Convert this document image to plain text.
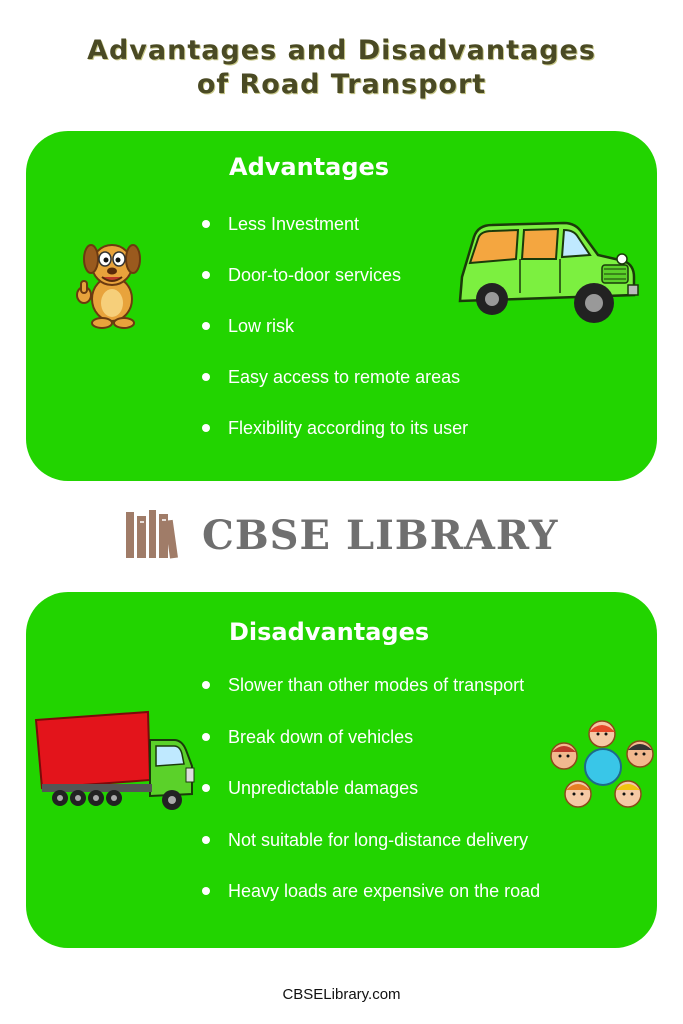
Advantages and Disadvantages
of Road Transport
Advantages
Less Investment
Door-to-door services
Low risk
Easy access to remote areas
Flexibility according to its user
CBSE LIBRARY
Disadvantages
Slower than other modes of transport
Break down of vehicles
Unpredictable damages
Not suitable for long-distance delivery
Heavy loads are expensive on the road
CBSELibrary.com
